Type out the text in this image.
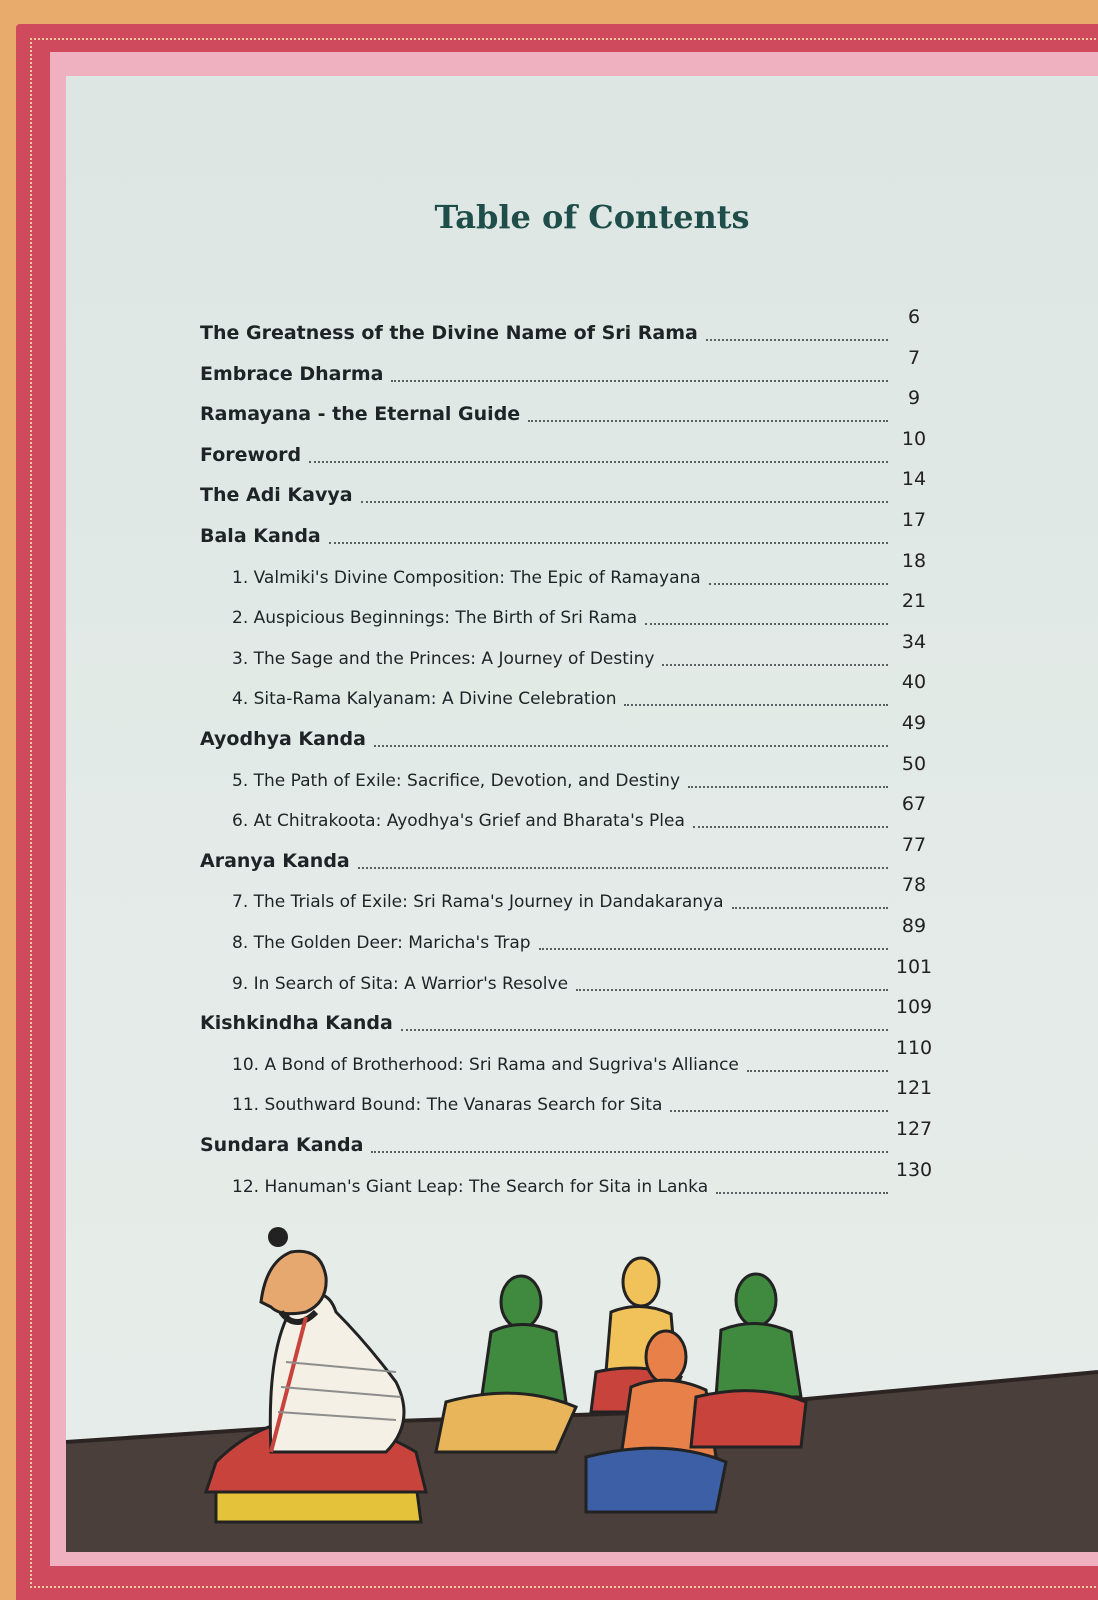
Table of Contents
The Greatness of the Divine Name of Sri Rama
6
Embrace Dharma
7
Ramayana - the Eternal Guide
9
Foreword
10
The Adi Kavya
14
Bala Kanda
17
1. Valmiki's Divine Composition: The Epic of Ramayana
18
2. Auspicious Beginnings: The Birth of Sri Rama
21
3. The Sage and the Princes: A Journey of Destiny
34
4. Sita-Rama Kalyanam: A Divine Celebration
40
Ayodhya Kanda
49
5. The Path of Exile: Sacrifice, Devotion, and Destiny
50
6. At Chitrakoota: Ayodhya's Grief and Bharata's Plea
67
Aranya Kanda
77
7. The Trials of Exile: Sri Rama's Journey in Dandakaranya
78
8. The Golden Deer: Maricha's Trap
89
9. In Search of Sita: A Warrior's Resolve
101
Kishkindha Kanda
109
10. A Bond of Brotherhood: Sri Rama and Sugriva's Alliance
110
11. Southward Bound: The Vanaras Search for Sita
121
Sundara Kanda
127
12. Hanuman's Giant Leap: The Search for Sita in Lanka
130
